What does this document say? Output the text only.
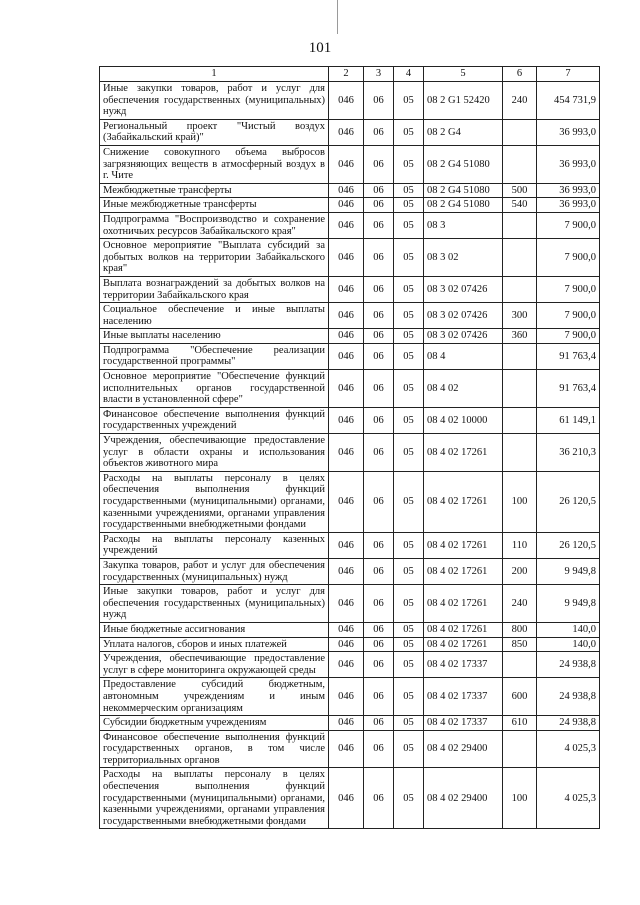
101
1	2	3	4	5	6	7
Иные закупки товаров, работ и услуг для обеспечения государственных (муниципальных) нужд	046	06	05	08 2 G1 52420	240	454 731,9
Региональный проект "Чистый воздух (Забайкальский край)"	046	06	05	08 2 G4		36 993,0
Снижение совокупного объема выбросов загрязняющих веществ в атмосферный воздух в г. Чите	046	06	05	08 2 G4 51080		36 993,0
Межбюджетные трансферты	046	06	05	08 2 G4 51080	500	36 993,0
Иные межбюджетные трансферты	046	06	05	08 2 G4 51080	540	36 993,0
Подпрограмма "Воспроизводство и сохранение охотничьих ресурсов Забайкальского края"	046	06	05	08 3		7 900,0
Основное мероприятие "Выплата субсидий за добытых волков на территории Забайкальского края"	046	06	05	08 3 02		7 900,0
Выплата вознаграждений за добытых волков на территории Забайкальского края	046	06	05	08 3 02 07426		7 900,0
Социальное обеспечение и иные выплаты населению	046	06	05	08 3 02 07426	300	7 900,0
Иные выплаты населению	046	06	05	08 3 02 07426	360	7 900,0
Подпрограмма "Обеспечение реализации государственной программы"	046	06	05	08 4		91 763,4
Основное мероприятие "Обеспечение функций исполнительных органов государственной власти в установленной сфере"	046	06	05	08 4 02		91 763,4
Финансовое обеспечение выполнения функций государственных учреждений	046	06	05	08 4 02 10000		61 149,1
Учреждения, обеспечивающие предоставление услуг в области охраны и использования объектов животного мира	046	06	05	08 4 02 17261		36 210,3
Расходы на выплаты персоналу в целях обеспечения выполнения функций государственными (муниципальными) органами, казенными учреждениями, органами управления государственными внебюджетными фондами	046	06	05	08 4 02 17261	100	26 120,5
Расходы на выплаты персоналу казенных учреждений	046	06	05	08 4 02 17261	110	26 120,5
Закупка товаров, работ и услуг для обеспечения государственных (муниципальных) нужд	046	06	05	08 4 02 17261	200	9 949,8
Иные закупки товаров, работ и услуг для обеспечения государственных (муниципальных) нужд	046	06	05	08 4 02 17261	240	9 949,8
Иные бюджетные ассигнования	046	06	05	08 4 02 17261	800	140,0
Уплата налогов, сборов и иных платежей	046	06	05	08 4 02 17261	850	140,0
Учреждения, обеспечивающие предоставление услуг в сфере мониторинга окружающей среды	046	06	05	08 4 02 17337		24 938,8
Предоставление субсидий бюджетным, автономным учреждениям и иным некоммерческим организациям	046	06	05	08 4 02 17337	600	24 938,8
Субсидии бюджетным учреждениям	046	06	05	08 4 02 17337	610	24 938,8
Финансовое обеспечение выполнения функций государственных органов, в том числе территориальных органов	046	06	05	08 4 02 29400		4 025,3
Расходы на выплаты персоналу в целях обеспечения выполнения функций государственными (муниципальными) органами, казенными учреждениями, органами управления государственными внебюджетными фондами	046	06	05	08 4 02 29400	100	4 025,3
